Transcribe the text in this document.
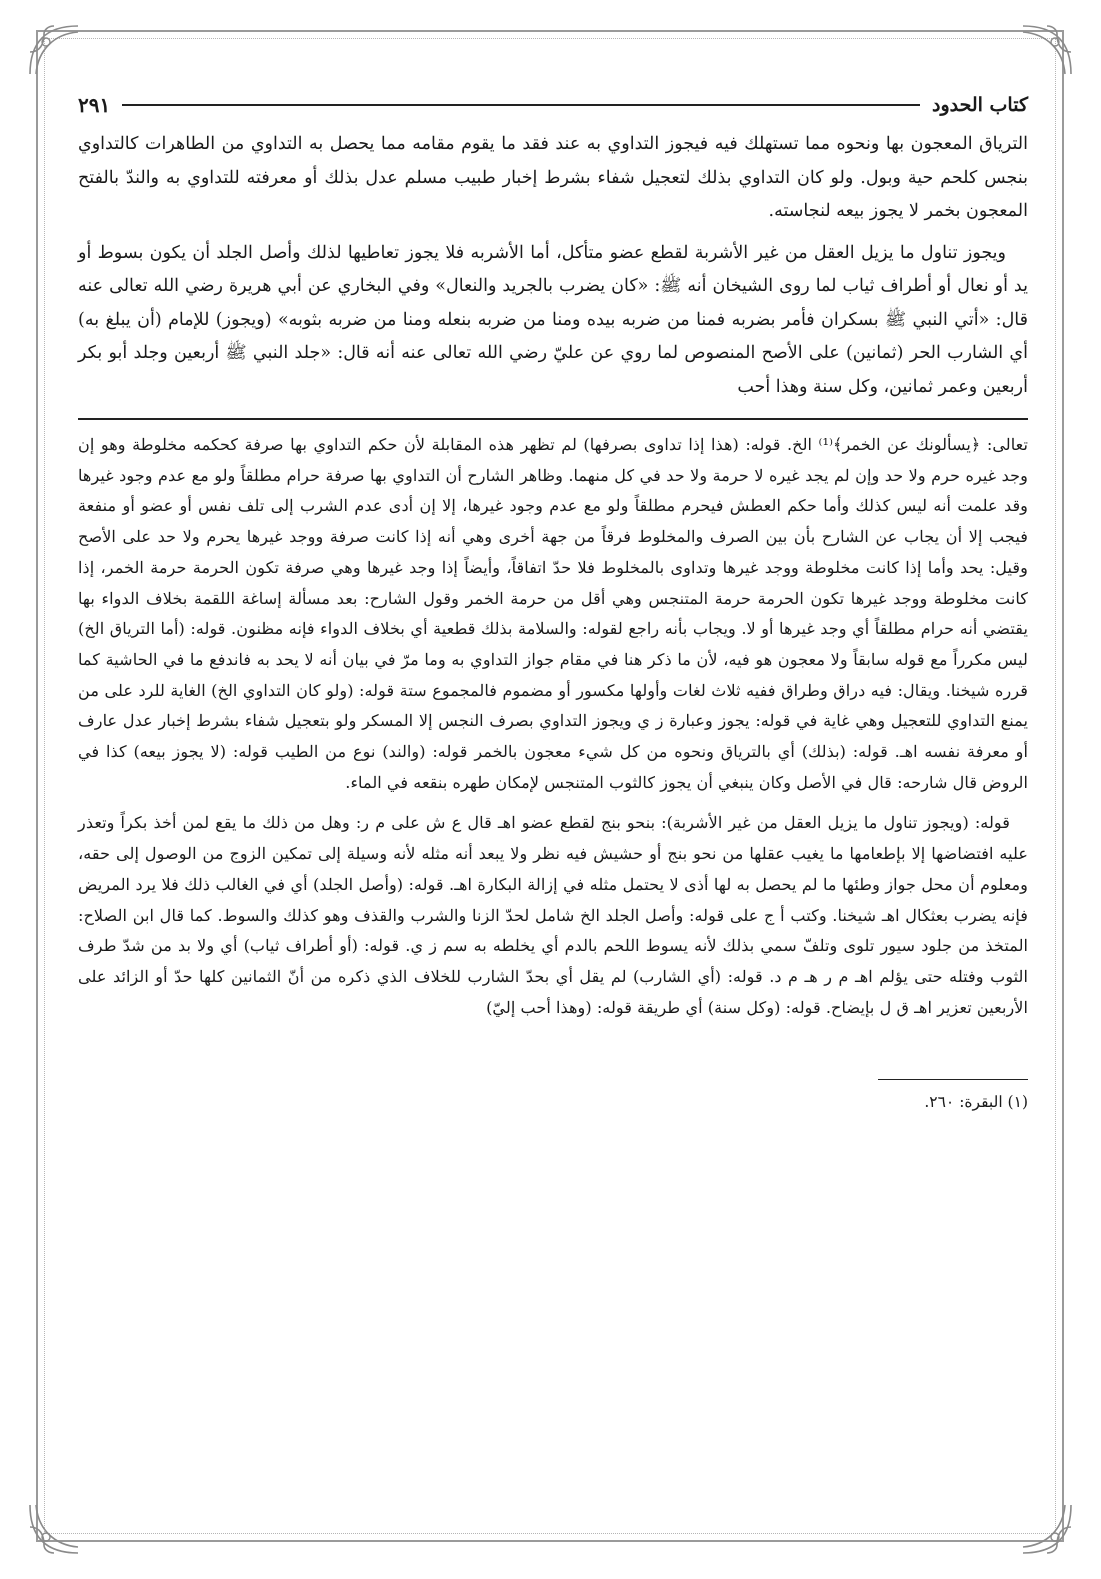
كتاب الحدود
٢٩١

الترياق المعجون بها ونحوه مما تستهلك فيه فيجوز التداوي به عند فقد ما يقوم مقامه مما يحصل به التداوي من الطاهرات كالتداوي بنجس كلحم حية وبول. ولو كان التداوي بذلك لتعجيل شفاء بشرط إخبار طبيب مسلم عدل بذلك أو معرفته للتداوي به والندّ بالفتح المعجون بخمر لا يجوز بيعه لنجاسته.

ويجوز تناول ما يزيل العقل من غير الأشربة لقطع عضو متأكل، أما الأشربه فلا يجوز تعاطيها لذلك وأصل الجلد أن يكون بسوط أو يد أو نعال أو أطراف ثياب لما روى الشيخان أنه ﷺ: «كان يضرب بالجريد والنعال» وفي البخاري عن أبي هريرة رضي الله تعالى عنه قال: «أتي النبي ﷺ بسكران فأمر بضربه فمنا من ضربه بيده ومنا من ضربه بنعله ومنا من ضربه بثوبه» (ويجوز) للإمام (أن يبلغ به) أي الشارب الحر (ثمانين) على الأصح المنصوص لما روي عن عليّ رضي الله تعالى عنه أنه قال: «جلد النبي ﷺ أربعين وجلد أبو بكر أربعين وعمر ثمانين، وكل سنة وهذا أحب

تعالى: ﴿يسألونك عن الخمر﴾⁽¹⁾ الخ. قوله: (هذا إذا تداوى بصرفها) لم تظهر هذه المقابلة لأن حكم التداوي بها صرفة كحكمه مخلوطة وهو إن وجد غيره حرم ولا حد وإن لم يجد غيره لا حرمة ولا حد في كل منهما. وظاهر الشارح أن التداوي بها صرفة حرام مطلقاً ولو مع عدم وجود غيرها وقد علمت أنه ليس كذلك وأما حكم العطش فيحرم مطلقاً ولو مع عدم وجود غيرها، إلا إن أدى عدم الشرب إلى تلف نفس أو عضو أو منفعة فيجب إلا أن يجاب عن الشارح بأن بين الصرف والمخلوط فرقاً من جهة أخرى وهي أنه إذا كانت صرفة ووجد غيرها يحرم ولا حد على الأصح وقيل: يحد وأما إذا كانت مخلوطة ووجد غيرها وتداوى بالمخلوط فلا حدّ اتفاقاً، وأيضاً إذا وجد غيرها وهي صرفة تكون الحرمة حرمة الخمر، إذا كانت مخلوطة ووجد غيرها تكون الحرمة حرمة المتنجس وهي أقل من حرمة الخمر وقول الشارح: بعد مسألة إساغة اللقمة بخلاف الدواء بها يقتضي أنه حرام مطلقاً أي وجد غيرها أو لا. ويجاب بأنه راجع لقوله: والسلامة بذلك قطعية أي بخلاف الدواء فإنه مظنون. قوله: (أما الترياق الخ) ليس مكرراً مع قوله سابقاً ولا معجون هو فيه، لأن ما ذكر هنا في مقام جواز التداوي به وما مرّ في بيان أنه لا يحد به فاندفع ما في الحاشية كما قرره شيخنا. ويقال: فيه دراق وطراق ففيه ثلاث لغات وأولها مكسور أو مضموم فالمجموع ستة قوله: (ولو كان التداوي الخ) الغاية للرد على من يمنع التداوي للتعجيل وهي غاية في قوله: يجوز وعبارة ز ي ويجوز التداوي بصرف النجس إلا المسكر ولو بتعجيل شفاء بشرط إخبار عدل عارف أو معرفة نفسه اهـ. قوله: (بذلك) أي بالترياق ونحوه من كل شيء معجون بالخمر قوله: (والند) نوع من الطيب قوله: (لا يجوز بيعه) كذا في الروض قال شارحه: قال في الأصل وكان ينبغي أن يجوز كالثوب المتنجس لإمكان طهره بنقعه في الماء.

قوله: (ويجوز تناول ما يزيل العقل من غير الأشربة): بنحو بنج لقطع عضو اهـ قال ع ش على م ر: وهل من ذلك ما يقع لمن أخذ بكراً وتعذر عليه افتضاضها إلا بإطعامها ما يغيب عقلها من نحو بنج أو حشيش فيه نظر ولا يبعد أنه مثله لأنه وسيلة إلى تمكين الزوج من الوصول إلى حقه، ومعلوم أن محل جواز وطئها ما لم يحصل به لها أذى لا يحتمل مثله في إزالة البكارة اهـ. قوله: (وأصل الجلد) أي في الغالب ذلك فلا يرد المريض فإنه يضرب بعثكال اهـ شيخنا. وكتب أ ج على قوله: وأصل الجلد الخ شامل لحدّ الزنا والشرب والقذف وهو كذلك والسوط. كما قال ابن الصلاح: المتخذ من جلود سيور تلوى وتلفّ سمي بذلك لأنه يسوط اللحم بالدم أي يخلطه به سم ز ي. قوله: (أو أطراف ثياب) أي ولا بد من شدّ طرف الثوب وفتله حتى يؤلم اهـ م ر هـ م د. قوله: (أي الشارب) لم يقل أي بحدّ الشارب للخلاف الذي ذكره من أنّ الثمانين كلها حدّ أو الزائد على الأربعين تعزير اهـ ق ل بإيضاح. قوله: (وكل سنة) أي طريقة قوله: (وهذا أحب إليّ)

(١) البقرة: ٢٦٠.
